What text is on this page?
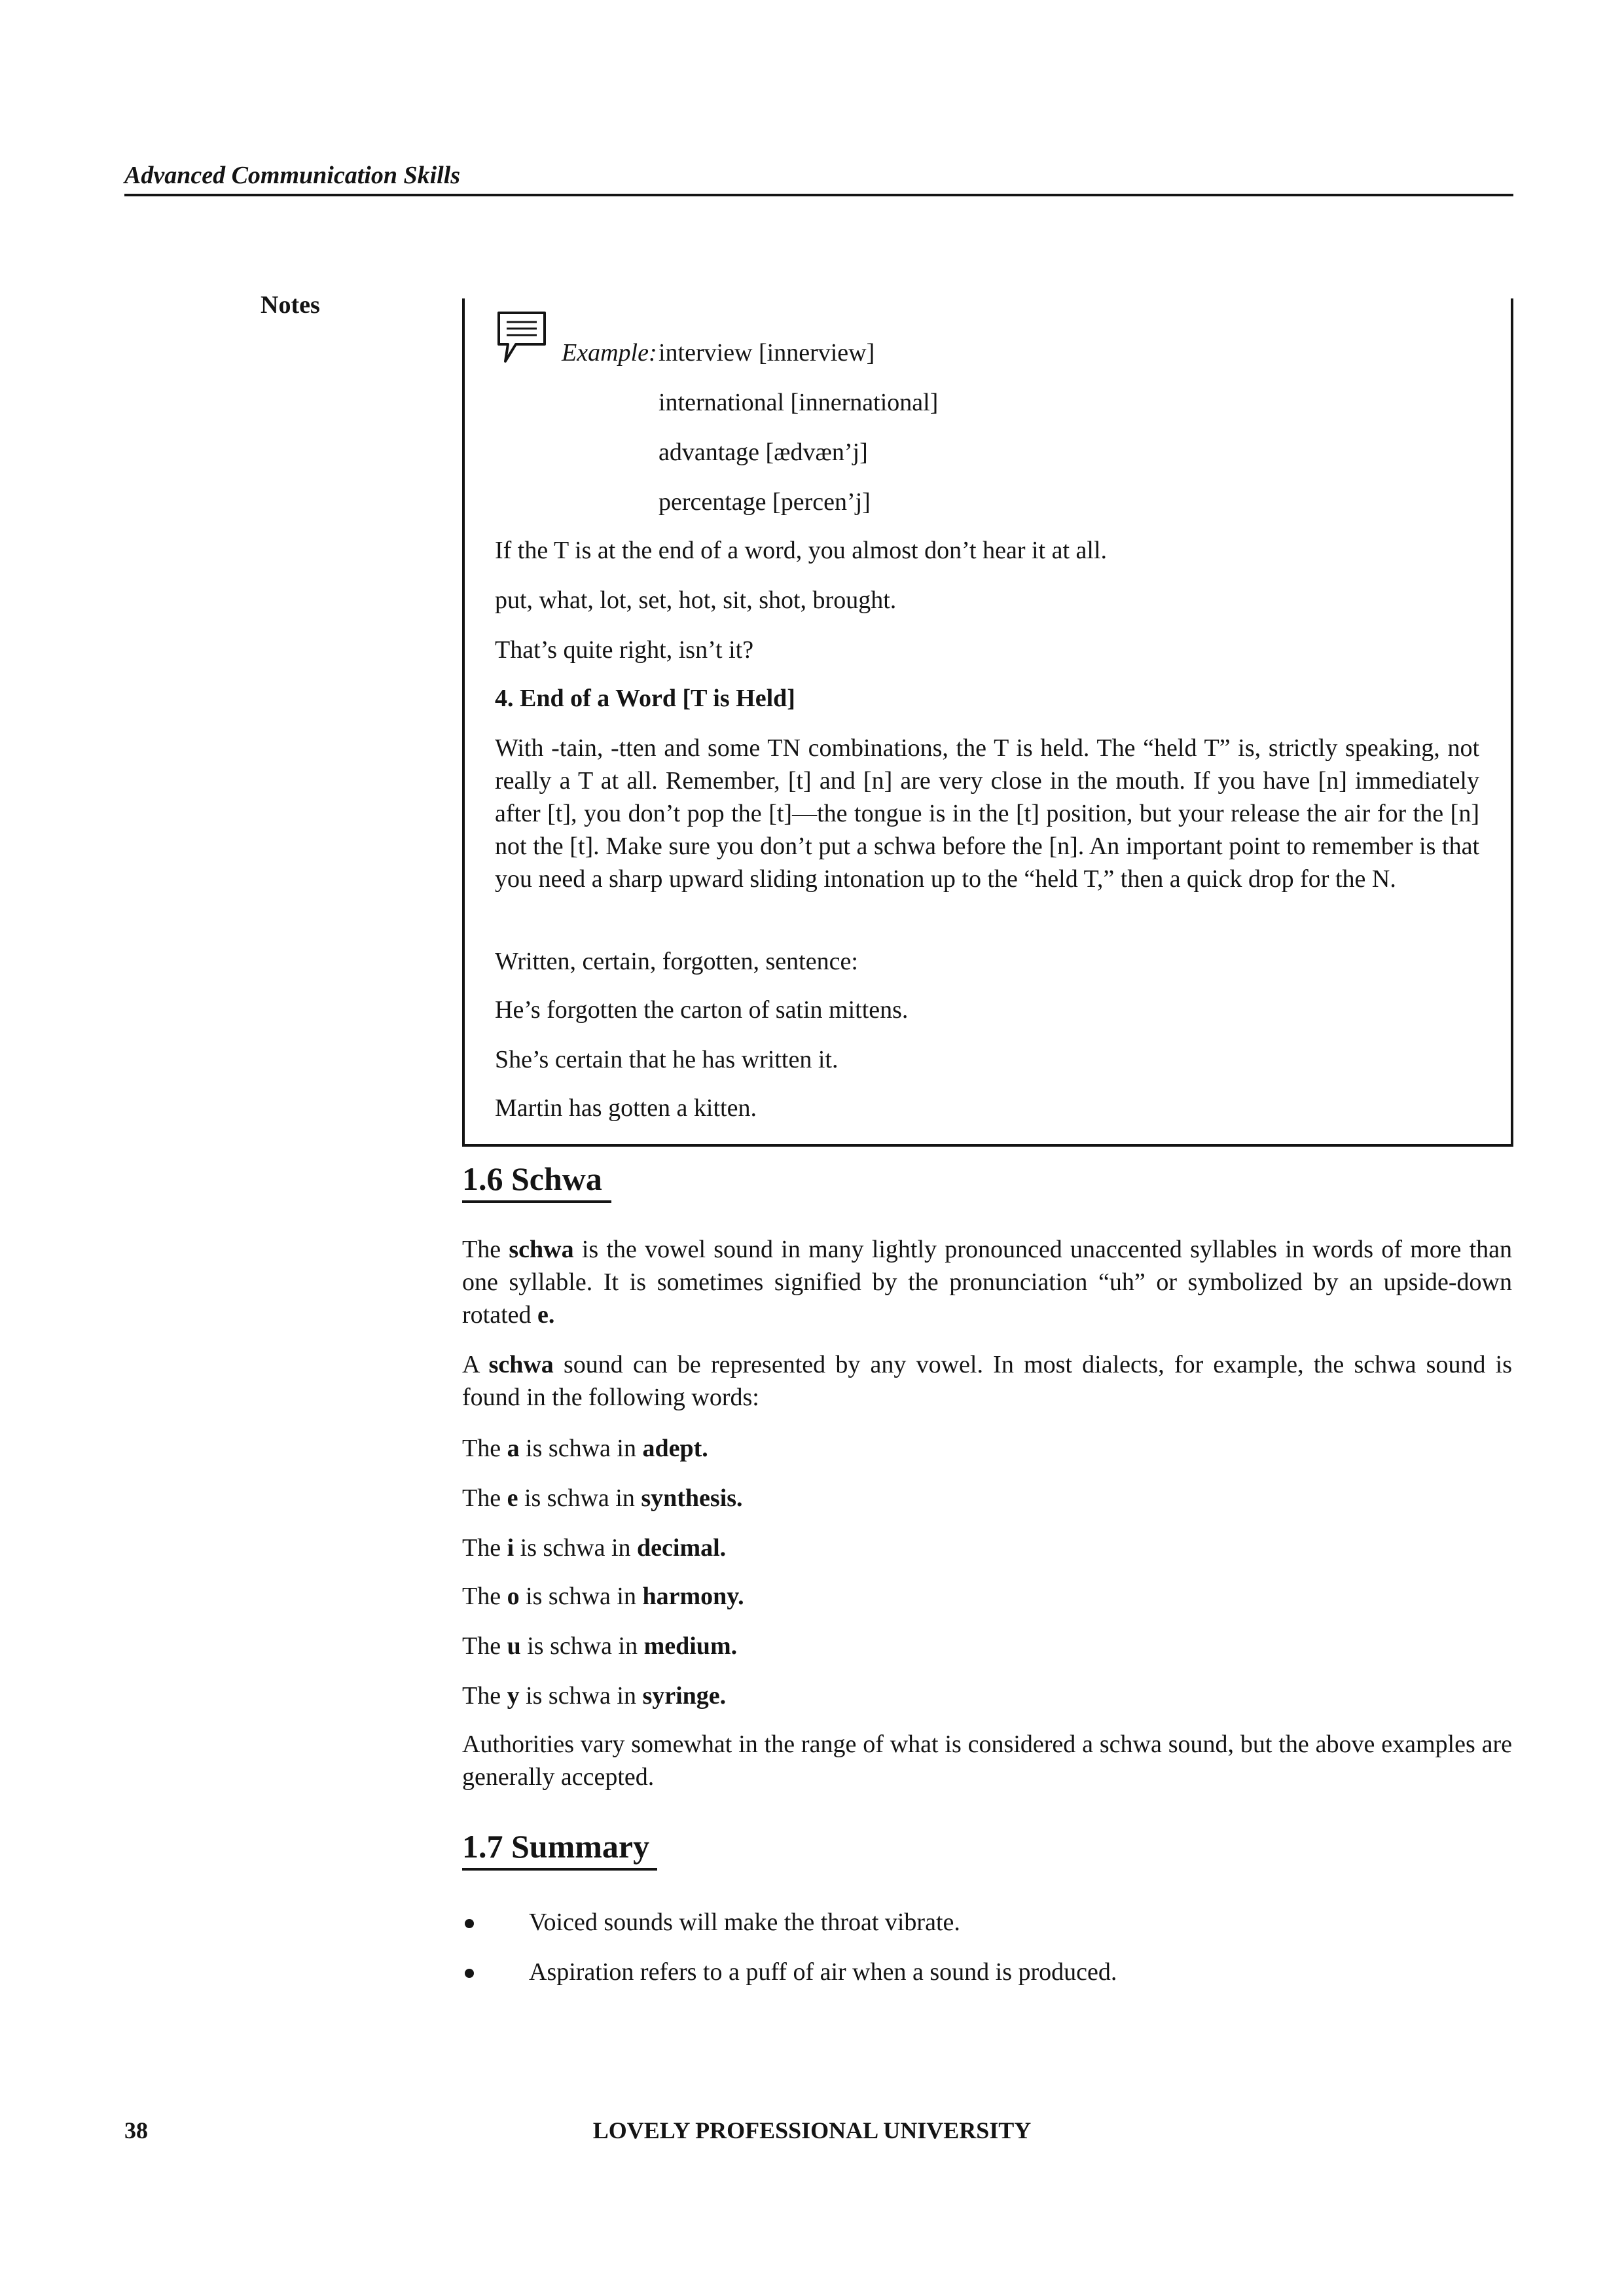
Advanced Communication Skills
Notes
Example: interview [innerview]
international [innernational]
advantage [ædvæn’j]
percentage [percen’j]
If the T is at the end of a word, you almost don’t hear it at all.
put, what, lot, set, hot, sit, shot, brought.
That’s quite right, isn’t it?
4. End of a Word [T is Held]
With -tain, -tten and some TN combinations, the T is held. The “held T” is, strictly speaking, not really a T at all. Remember, [t] and [n] are very close in the mouth. If you have [n] immediately after [t], you don’t pop the [t]—the tongue is in the [t] position, but your release the air for the [n] not the [t]. Make sure you don’t put a schwa before the [n]. An important point to remember is that you need a sharp upward sliding intonation up to the “held T,” then a quick drop for the N.
Written, certain, forgotten, sentence:
He’s forgotten the carton of satin mittens.
She’s certain that he has written it.
Martin has gotten a kitten.
1.6 Schwa
The schwa is the vowel sound in many lightly pronounced unaccented syllables in words of more than one syllable. It is sometimes signified by the pronunciation “uh” or symbolized by an upside-down rotated e.
A schwa sound can be represented by any vowel. In most dialects, for example, the schwa sound is found in the following words:
The a is schwa in adept.
The e is schwa in synthesis.
The i is schwa in decimal.
The o is schwa in harmony.
The u is schwa in medium.
The y is schwa in syringe.
Authorities vary somewhat in the range of what is considered a schwa sound, but the above examples are generally accepted.
1.7 Summary
Voiced sounds will make the throat vibrate.
Aspiration refers to a puff of air when a sound is produced.
38	LOVELY PROFESSIONAL UNIVERSITY
